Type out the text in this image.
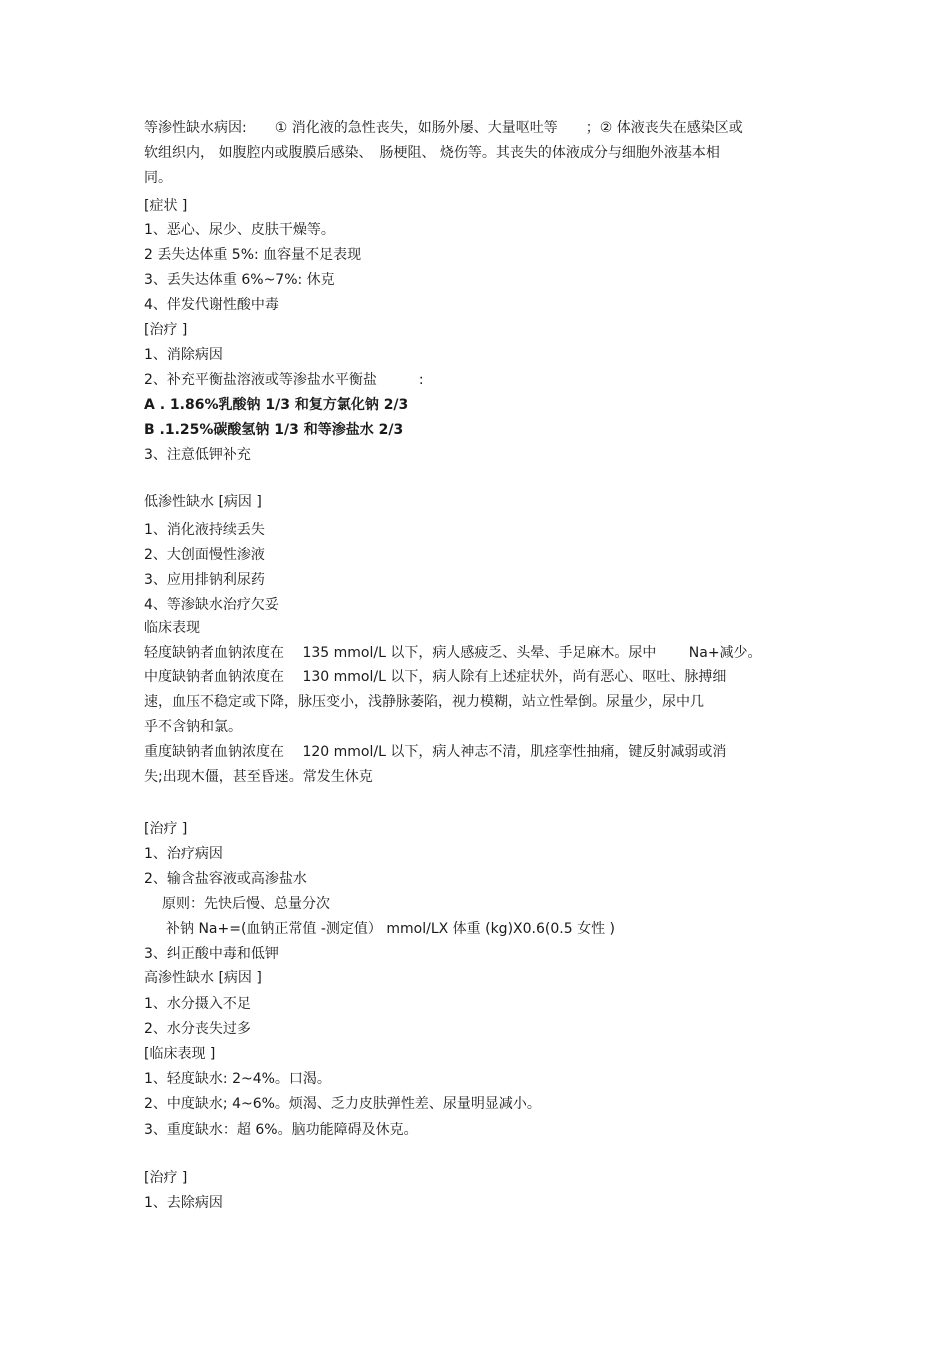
等渗性缺水病因:　　① 消化液的急性丧失，如肠外屡、大量呕吐等　　；② 体液丧失在感染区或
软组织内， 如腹腔内或腹膜后感染、　肠梗阻、 烧伤等。其丧失的体液成分与细胞外液基本相
同。
[症状 ]
1、恶心、尿少、皮肤干燥等。
2 丢失达体重 5%: 血容量不足表现
3、丢失达体重 6%~7%: 休克
4、伴发代谢性酸中毒
[治疗 ]
1、消除病因
2、补充平衡盐溶液或等渗盐水平衡盐　　　:
A . 1.86%乳酸钠 1/3 和复方氯化钠 2/3
B .1.25%碳酸氢钠 1/3 和等渗盐水 2/3
3、注意低钾补充
低渗性缺水 [病因 ]
1、消化液持续丢失
2、大创面慢性渗液
3、应用排钠利尿药
4、等渗缺水治疗欠妥
临床表现
轻度缺钠者血钠浓度在　 135 mmol/L 以下，病人感疲乏、头晕、手足麻木。尿中　　 Na+减少。
中度缺钠者血钠浓度在　 130 mmol/L 以下，病人除有上述症状外，尚有恶心、呕吐、脉搏细
速，血压不稳定或下降，脉压变小，浅静脉萎陷，视力模糊，站立性晕倒。尿量少，尿中几
乎不含钠和氯。
重度缺钠者血钠浓度在　 120 mmol/L 以下，病人神志不清，肌痉挛性抽痛，键反射减弱或消
失;出现木僵，甚至昏迷。常发生休克
[治疗 ]
1、治疗病因
2、输含盐容液或高渗盐水
原则：先快后慢、总量分次
补钠 Na+=(血钠正常值 -测定值） mmol/LX 体重 (kg)X0.6(0.5 女性 )
3、纠正酸中毒和低钾
高渗性缺水 [病因 ]
1、水分摄入不足
2、水分丧失过多
[临床表现 ]
1、轻度缺水: 2~4%。口渴。
2、中度缺水; 4~6%。烦渴、乏力皮肤弹性差、尿量明显减小。
3、重度缺水：超 6%。脑功能障碍及休克。
[治疗 ]
1、去除病因
